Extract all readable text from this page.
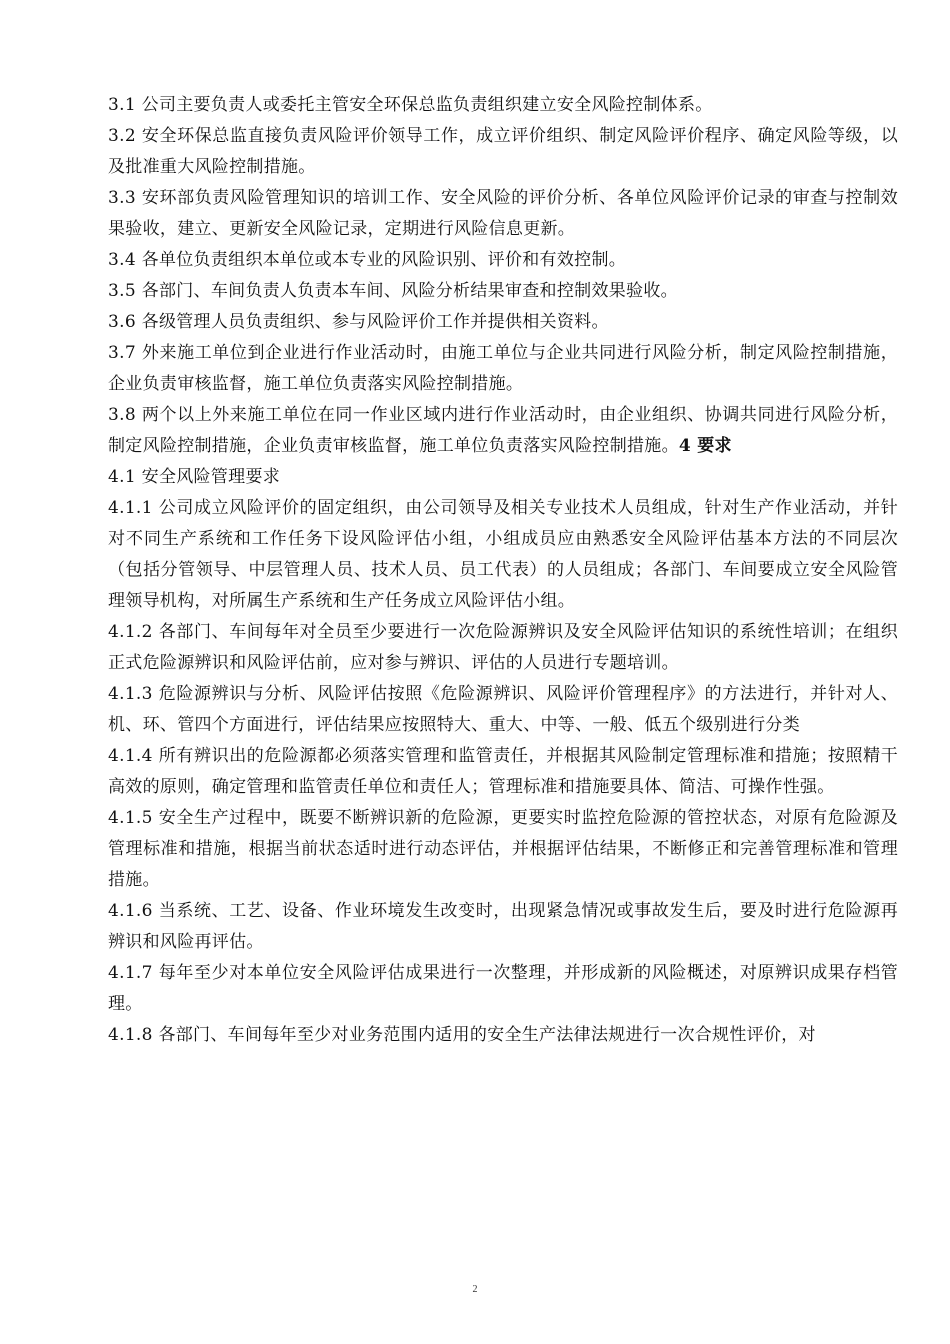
3.1 公司主要负责人或委托主管安全环保总监负责组织建立安全风险控制体系。

3.2 安全环保总监直接负责风险评价领导工作，成立评价组织、制定风险评价程序、确定风险等级，以及批准重大风险控制措施。

3.3 安环部负责风险管理知识的培训工作、安全风险的评价分析、各单位风险评价记录的审查与控制效果验收，建立、更新安全风险记录，定期进行风险信息更新。

3.4 各单位负责组织本单位或本专业的风险识别、评价和有效控制。

3.5 各部门、车间负责人负责本车间、风险分析结果审查和控制效果验收。

3.6 各级管理人员负责组织、参与风险评价工作并提供相关资料。

3.7 外来施工单位到企业进行作业活动时，由施工单位与企业共同进行风险分析，制定风险控制措施，企业负责审核监督，施工单位负责落实风险控制措施。

3.8 两个以上外来施工单位在同一作业区域内进行作业活动时，由企业组织、协调共同进行风险分析，制定风险控制措施，企业负责审核监督，施工单位负责落实风险控制措施。4 要求

4.1 安全风险管理要求

4.1.1 公司成立风险评价的固定组织，由公司领导及相关专业技术人员组成，针对生产作业活动，并针对不同生产系统和工作任务下设风险评估小组，小组成员应由熟悉安全风险评估基本方法的不同层次（包括分管领导、中层管理人员、技术人员、员工代表）的人员组成；各部门、车间要成立安全风险管理领导机构，对所属生产系统和生产任务成立风险评估小组。

4.1.2 各部门、车间每年对全员至少要进行一次危险源辨识及安全风险评估知识的系统性培训；在组织正式危险源辨识和风险评估前，应对参与辨识、评估的人员进行专题培训。

4.1.3 危险源辨识与分析、风险评估按照《危险源辨识、风险评价管理程序》的方法进行，并针对人、机、环、管四个方面进行，评估结果应按照特大、重大、中等、一般、低五个级别进行分类

4.1.4 所有辨识出的危险源都必须落实管理和监管责任，并根据其风险制定管理标准和措施；按照精干高效的原则，确定管理和监管责任单位和责任人；管理标准和措施要具体、简洁、可操作性强。

4.1.5 安全生产过程中，既要不断辨识新的危险源，更要实时监控危险源的管控状态，对原有危险源及管理标准和措施，根据当前状态适时进行动态评估，并根据评估结果，不断修正和完善管理标准和管理措施。

4.1.6 当系统、工艺、设备、作业环境发生改变时，出现紧急情况或事故发生后，要及时进行危险源再辨识和风险再评估。

4.1.7 每年至少对本单位安全风险评估成果进行一次整理，并形成新的风险概述，对原辨识成果存档管理。

4.1.8 各部门、车间每年至少对业务范围内适用的安全生产法律法规进行一次合规性评价，对

2
